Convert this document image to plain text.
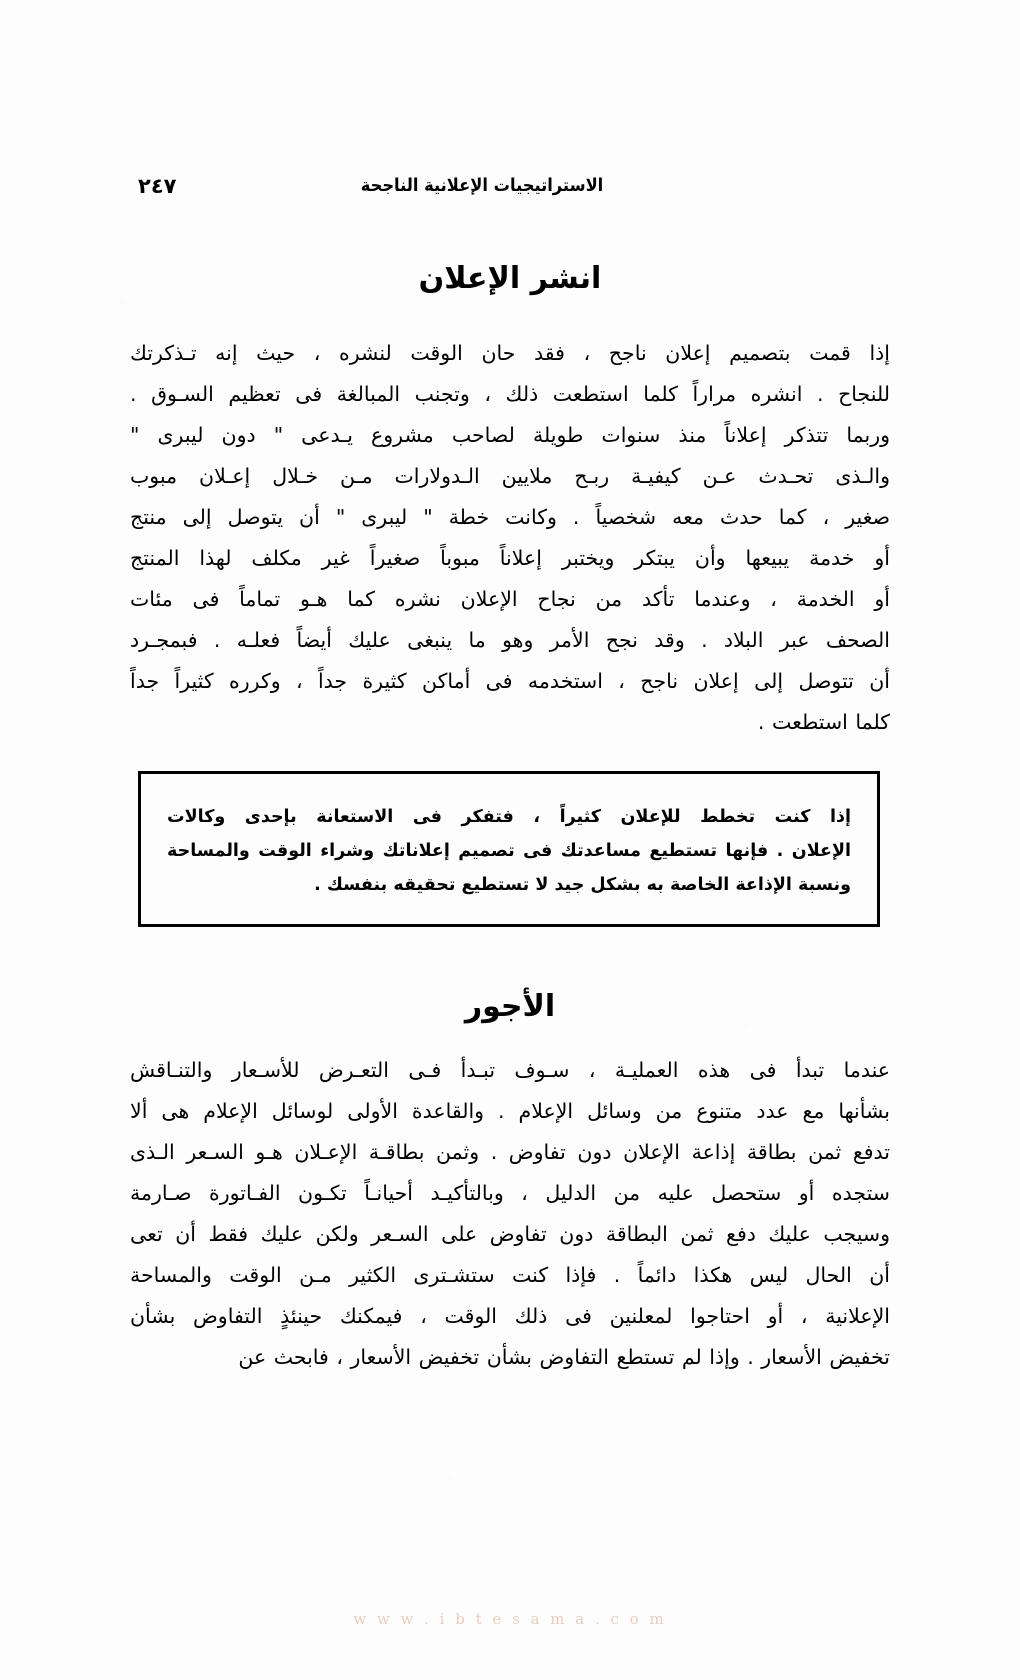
٢٤٧	الاستراتيجيات الإعلانية الناجحة
انشر الإعلان

إذا قمت بتصميم إعلان ناجح ، فقد حان الوقت لنشره ، حيث إنه تـذكرتك
للنجاح . انشره مراراً كلما استطعت ذلك ، وتجنب المبالغة فى تعظيم السـوق .
وربما تتذكر إعلاناً منذ سنوات طويلة لصاحب مشروع يـدعى " دون ليبرى "
والـذى تحـدث عـن كيفيـة ربـح ملايين الـدولارات مـن خـلال إعـلان مبوب
صغير ، كما حدث معه شخصياً . وكانت خطة " ليبرى " أن يتوصل إلى منتج
أو خدمة يبيعها وأن يبتكر ويختبر إعلاناً مبوباً صغيراً غير مكلف لهذا المنتج
أو الخدمة ، وعندما تأكد من نجاح الإعلان نشره كما هـو تماماً فى مئات
الصحف عبر البلاد . وقد نجح الأمر وهو ما ينبغى عليك أيضاً فعلـه . فبمجـرد
أن تتوصل إلى إعلان ناجح ، استخدمه فى أماكن كثيرة جداً ، وكرره كثيراً جداً
كلما استطعت .

إذا كنت تخطط للإعلان كثيراً ، فتفكر فى الاستعانة بإحدى وكالات
الإعلان . فإنها تستطيع مساعدتك فى تصميم إعلاناتك وشراء الوقت والمساحة
ونسبة الإذاعة الخاصة به بشكل جيد لا تستطيع تحقيقه بنفسك .
الأجور

عندما تبدأ فى هذه العمليـة ، سـوف تبـدأ فـى التعـرض للأسـعار والتنـاقش
بشأنها مع عدد متنوع من وسائل الإعلام . والقاعدة الأولى لوسائل الإعلام هى ألا
تدفع ثمن بطاقة إذاعة الإعلان دون تفاوض . وثمن بطاقـة الإعـلان هـو السـعر الـذى
ستجده أو ستحصل عليه من الدليل ، وبالتأكيـد أحيانـاً تكـون الفـاتورة صـارمة
وسيجب عليك دفع ثمن البطاقة دون تفاوض على السـعر ولكن عليك فقط أن تعى
أن الحال ليس هكذا دائماً . فإذا كنت ستشـترى الكثير مـن الوقت والمساحة
الإعلانية ، أو احتاجوا لمعلنين فى ذلك الوقت ، فيمكنك حينئذٍ التفاوض بشأن
تخفيض الأسعار . وإذا لم تستطع التفاوض بشأن تخفيض الأسعار ، فابحث عن

w w w . i b t e s a m a . c o m
